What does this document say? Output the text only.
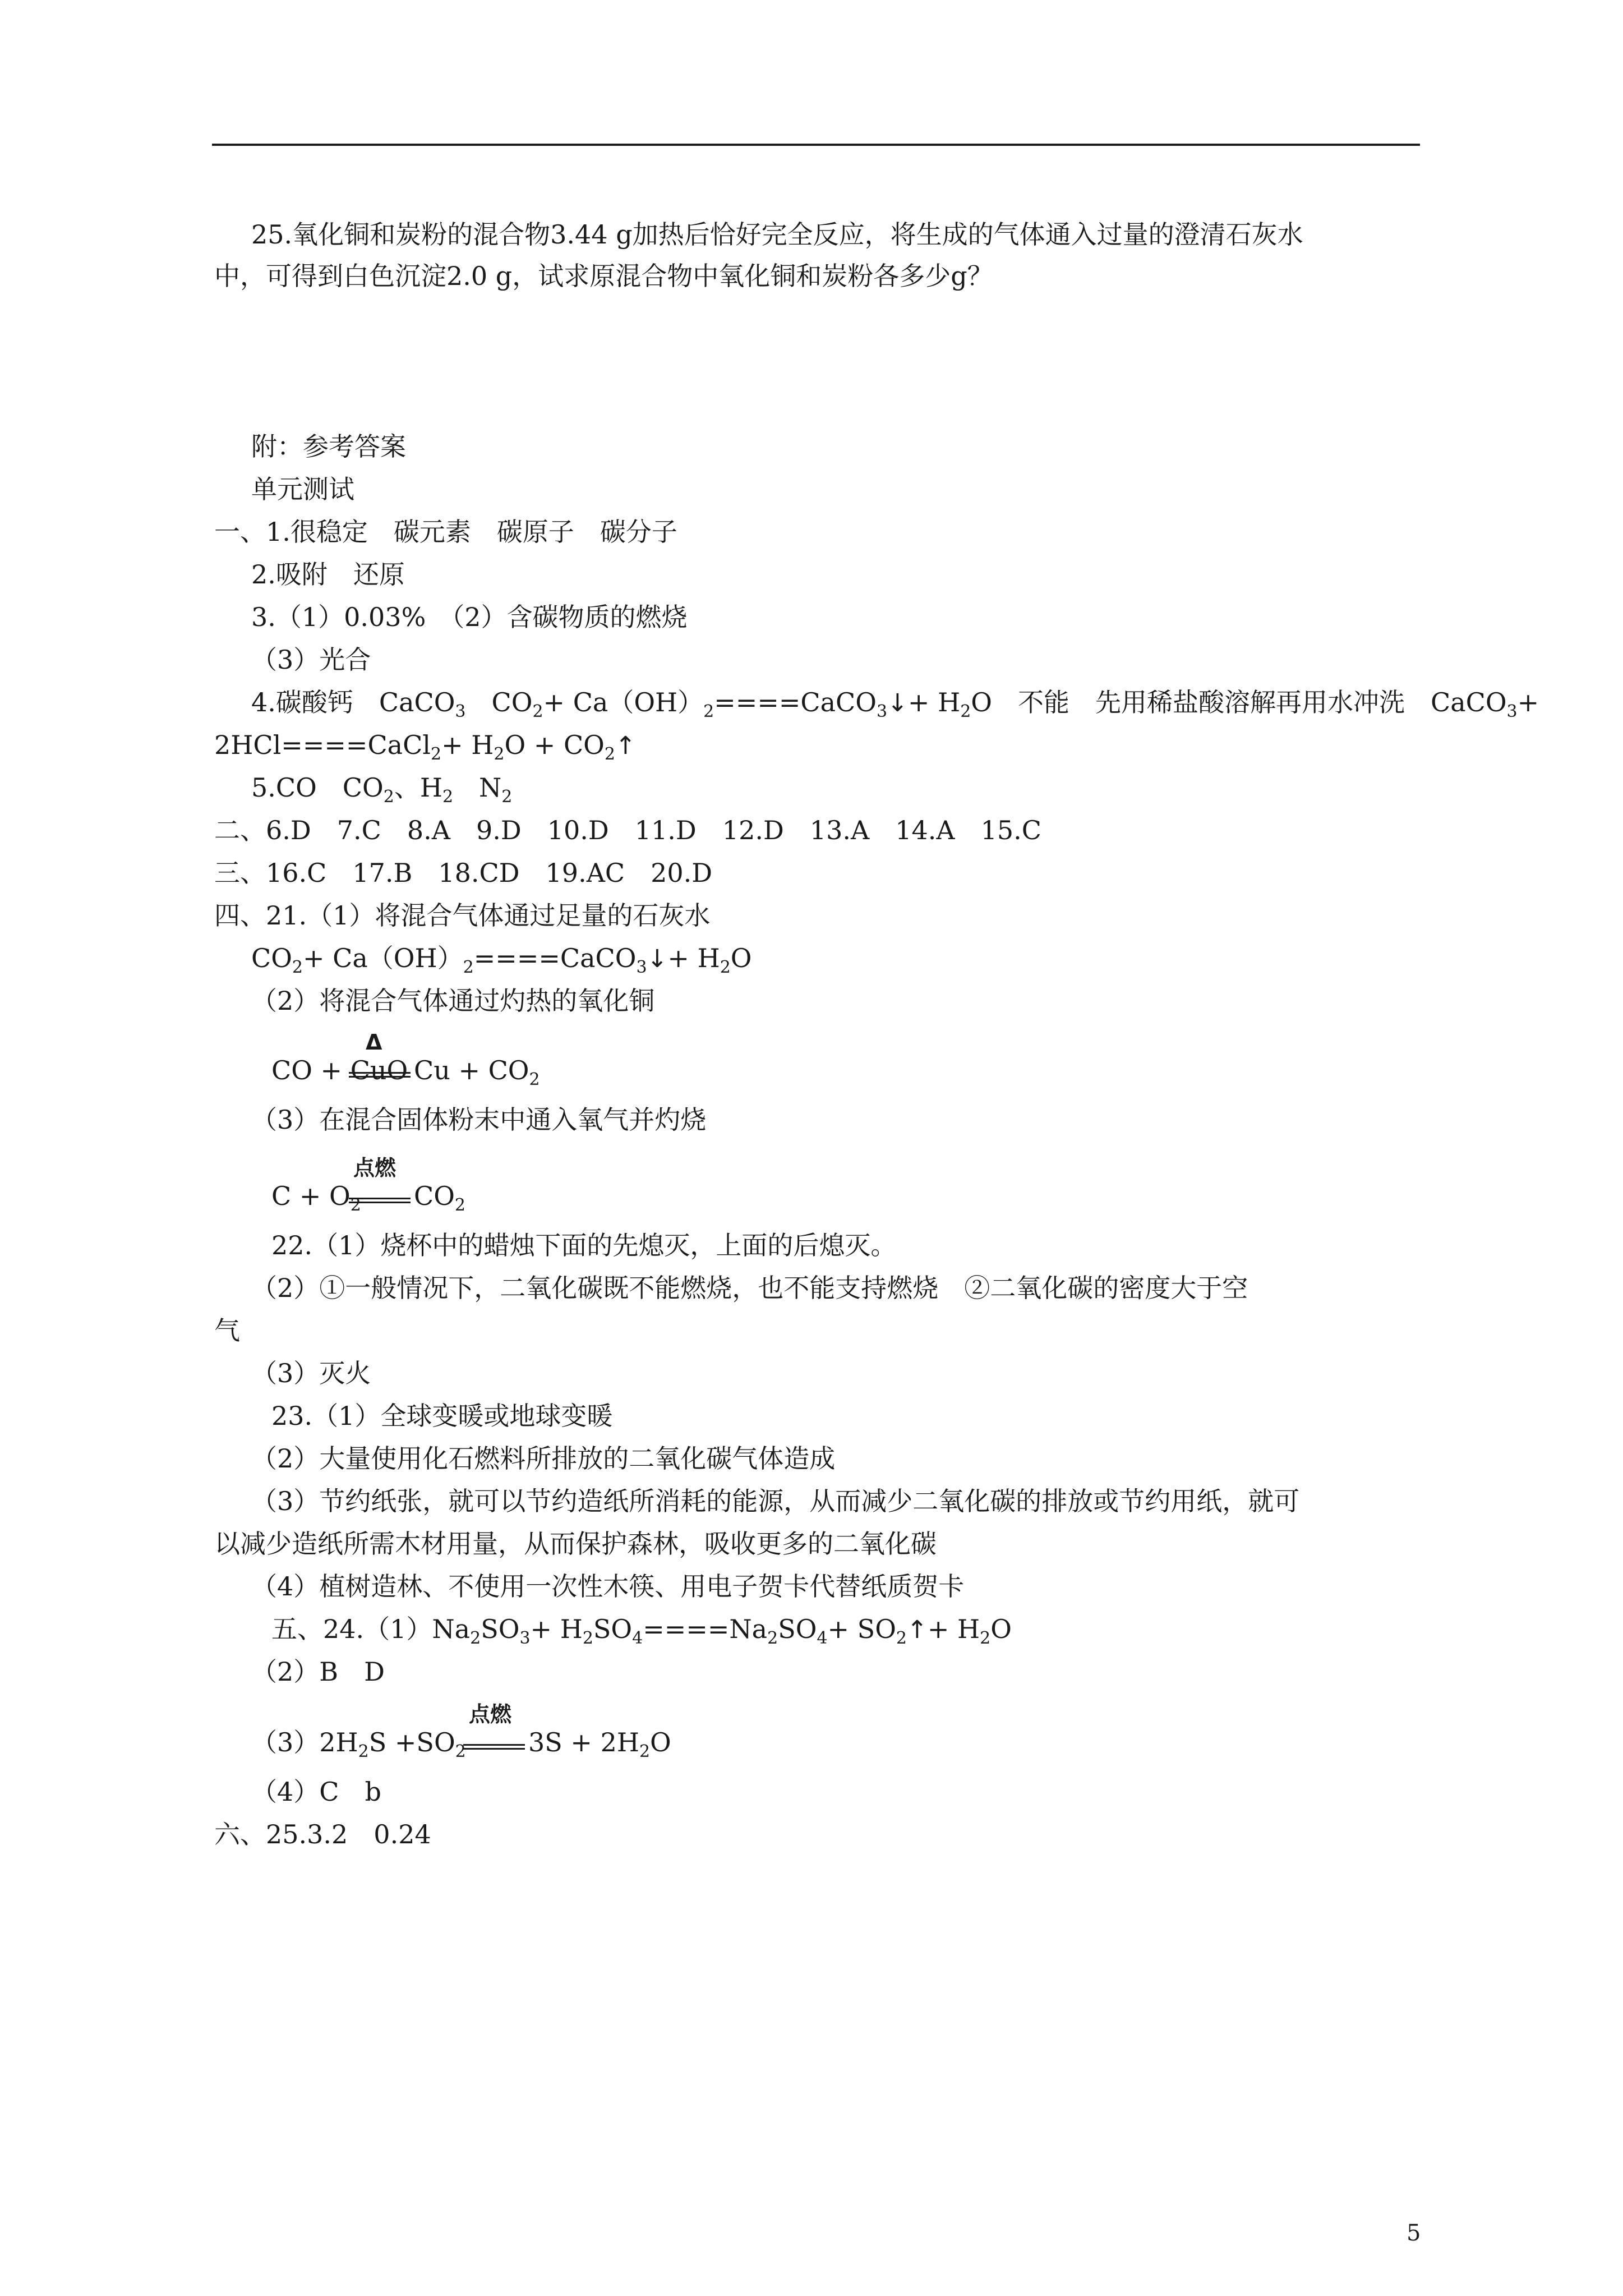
25.氧化铜和炭粉的混合物3.44 g加热后恰好完全反应，将生成的气体通入过量的澄清石灰水
中，可得到白色沉淀2.0 g，试求原混合物中氧化铜和炭粉各多少g？
附：参考答案
单元测试
一、1.很稳定　碳元素　碳原子　碳分子
2.吸附　还原
3.（1）0.03%　（2）含碳物质的燃烧
（3）光合
4.碳酸钙　CaCO$_3$　$CO_2+$ $Ca(OH)_2====CaCO_3↓+ H_2O$　不能　先用稀盐酸溶解再用水冲洗　CaCO$_3$+
2HCl====CaCl$_2$+ $H_2O$ + $CO_2↑$
5.CO　$CO_2$、$H_2$　$N_2$
二、6.D　7.C　8.A　9.D　10.D　11.D　12.D　13.A　14.A　15.C
三、16.C　17.B　18.CD　19.AC　20.D
四、21.（1）将混合气体通过足量的石灰水
$CO_2+$ $Ca(OH)_2====CaCO_3↓+ H_2O$
（2）将混合气体通过灼热的氧化铜
Δ
CO + CuO $Cu + CO_2$
（3）在混合固体粉末中通入氧气并灼烧
点燃
$C + O_2$ $CO_2$
22.（1）烧杯中的蜡烛下面的先熄灭，上面的后熄灭。
（2）①一般情况下，二氧化碳既不能燃烧，也不能支持燃烧　②二氧化碳的密度大于空
气
（3）灭火
23.（1）全球变暖或地球变暖
（2）大量使用化石燃料所排放的二氧化碳气体造成
（3）节约纸张，就可以节约造纸所消耗的能源，从而减少二氧化碳的排放或节约用纸，就可
以减少造纸所需木材用量，从而保护森林，吸收更多的二氧化碳
（4）植树造林、不使用一次性木筷、用电子贺卡代替纸质贺卡
五、$24.(1)Na_2SO_3+ H_2SO_4====Na_2SO_4+$ $SO_2↑+ H_2O$
（2）B　D
点燃
$(3)2H_2S +SO_2$ $3S + 2H_2O$
（4）C　b
六、25.3.2　0.24
5
